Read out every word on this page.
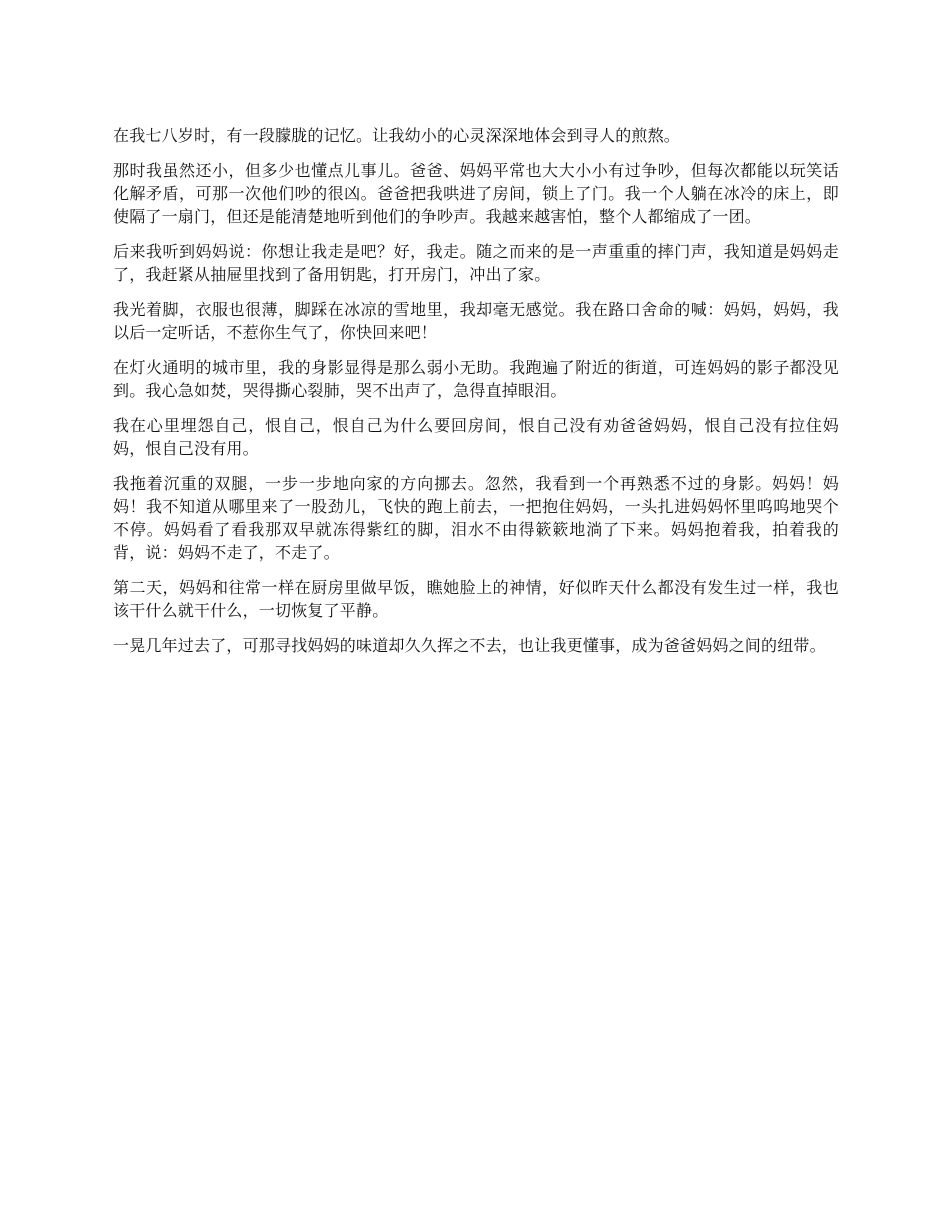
在我七八岁时，有一段朦胧的记忆。让我幼小的心灵深深地体会到寻人的煎熬。

那时我虽然还小，但多少也懂点儿事儿。爸爸、妈妈平常也大大小小有过争吵，但每次都能以玩笑话化解矛盾，可那一次他们吵的很凶。爸爸把我哄进了房间，锁上了门。我一个人躺在冰冷的床上，即使隔了一扇门，但还是能清楚地听到他们的争吵声。我越来越害怕，整个人都缩成了一团。

后来我听到妈妈说：你想让我走是吧？好，我走。随之而来的是一声重重的摔门声，我知道是妈妈走了，我赶紧从抽屉里找到了备用钥匙，打开房门，冲出了家。

我光着脚，衣服也很薄，脚踩在冰凉的雪地里，我却毫无感觉。我在路口舍命的喊：妈妈，妈妈，我以后一定听话，不惹你生气了，你快回来吧！

在灯火通明的城市里，我的身影显得是那么弱小无助。我跑遍了附近的街道，可连妈妈的影子都没见到。我心急如焚，哭得撕心裂肺，哭不出声了，急得直掉眼泪。

我在心里埋怨自己，恨自己，恨自己为什么要回房间，恨自己没有劝爸爸妈妈，恨自己没有拉住妈妈，恨自己没有用。

我拖着沉重的双腿，一步一步地向家的方向挪去。忽然，我看到一个再熟悉不过的身影。妈妈！妈妈！我不知道从哪里来了一股劲儿，飞快的跑上前去，一把抱住妈妈，一头扎进妈妈怀里呜呜地哭个不停。妈妈看了看我那双早就冻得紫红的脚，泪水不由得簌簌地淌了下来。妈妈抱着我，拍着我的背，说：妈妈不走了，不走了。

第二天，妈妈和往常一样在厨房里做早饭，瞧她脸上的神情，好似昨天什么都没有发生过一样，我也该干什么就干什么，一切恢复了平静。

一晃几年过去了，可那寻找妈妈的味道却久久挥之不去，也让我更懂事，成为爸爸妈妈之间的纽带。
